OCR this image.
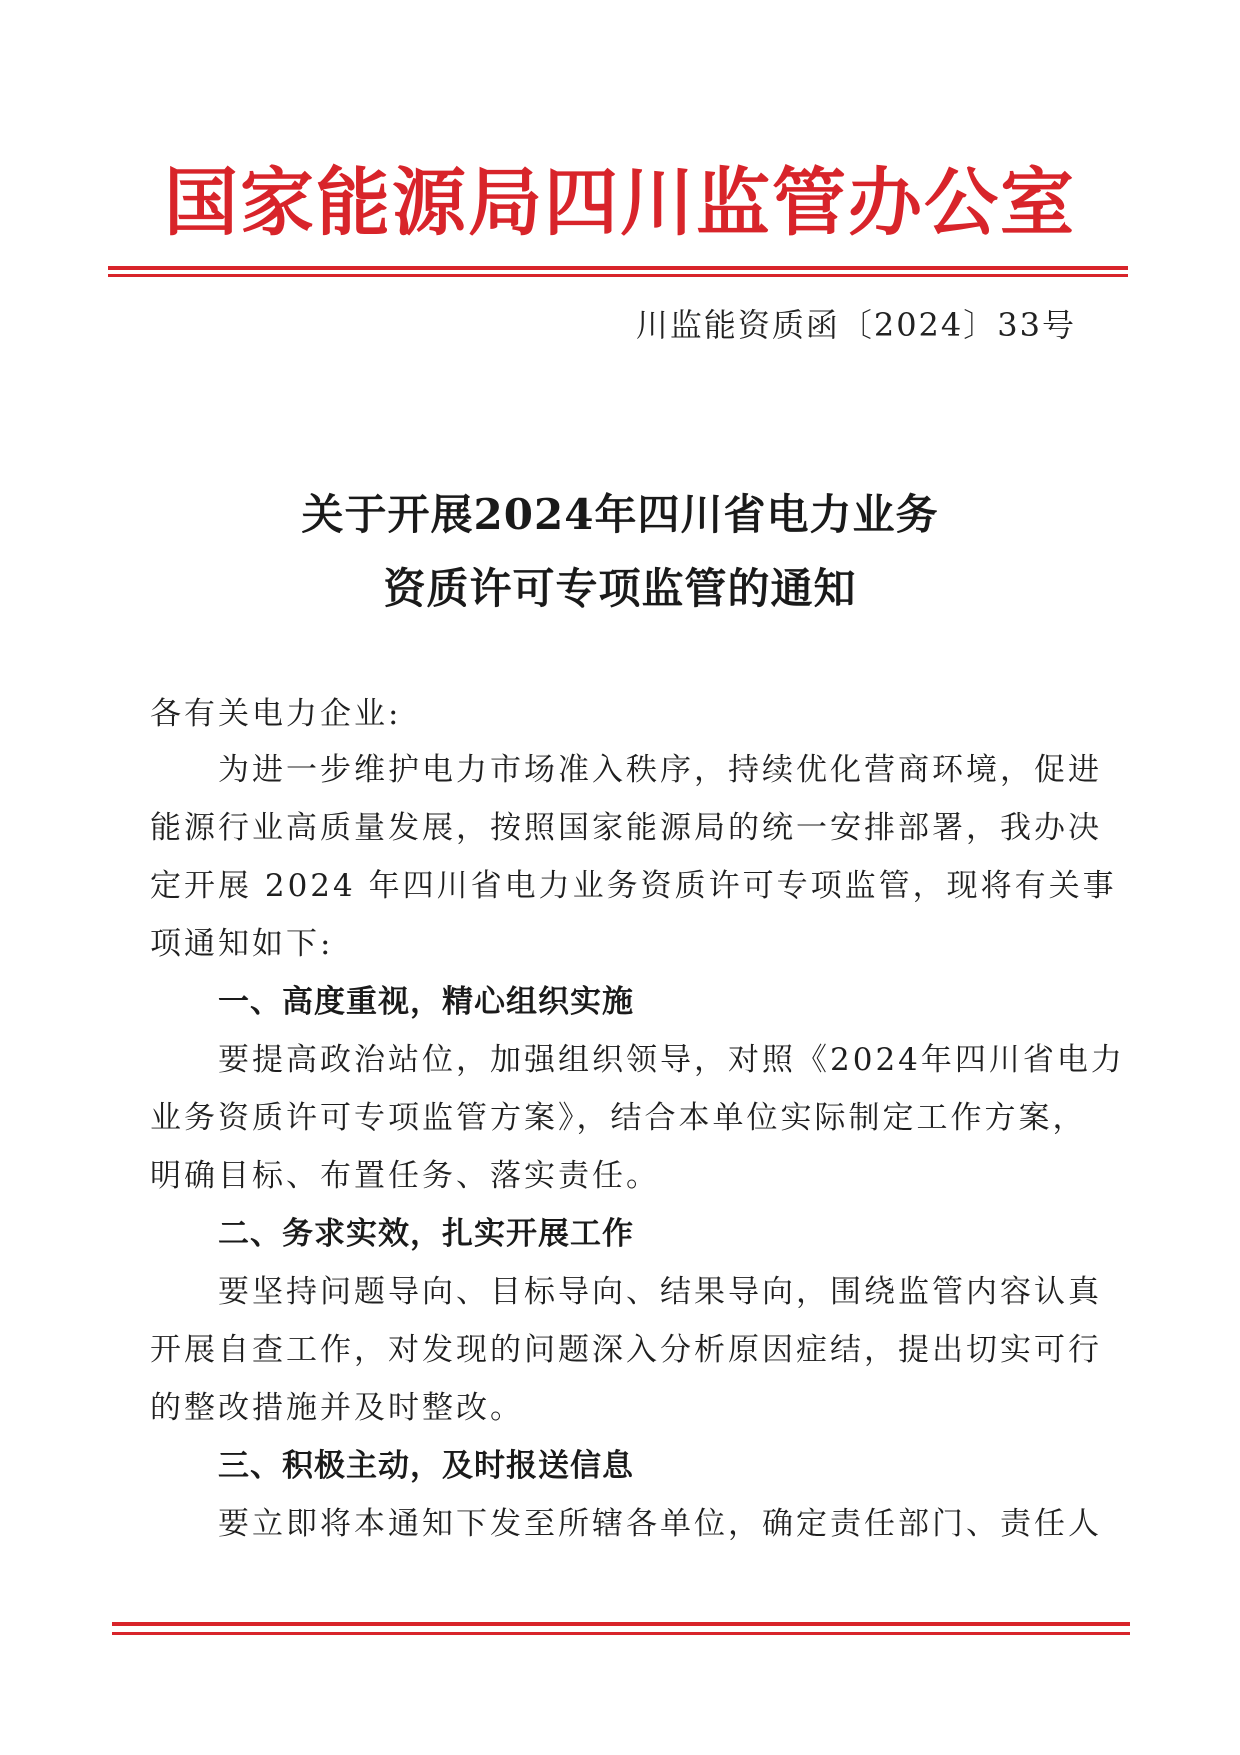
国家能源局四川监管办公室
川监能资质函〔2024〕33号
关于开展2024年四川省电力业务
资质许可专项监管的通知
各有关电力企业:
为进一步维护电力市场准入秩序，持续优化营商环境，促进
能源行业高质量发展，按照国家能源局的统一安排部署，我办决
定开展 2024 年四川省电力业务资质许可专项监管，现将有关事
项通知如下:
一、高度重视，精心组织实施
要提高政治站位，加强组织领导，对照《2024年四川省电力
业务资质许可专项监管方案》，结合本单位实际制定工作方案，
明确目标、布置任务、落实责任。
二、务求实效，扎实开展工作
要坚持问题导向、目标导向、结果导向，围绕监管内容认真
开展自查工作，对发现的问题深入分析原因症结，提出切实可行
的整改措施并及时整改。
三、积极主动，及时报送信息
要立即将本通知下发至所辖各单位，确定责任部门、责任人
